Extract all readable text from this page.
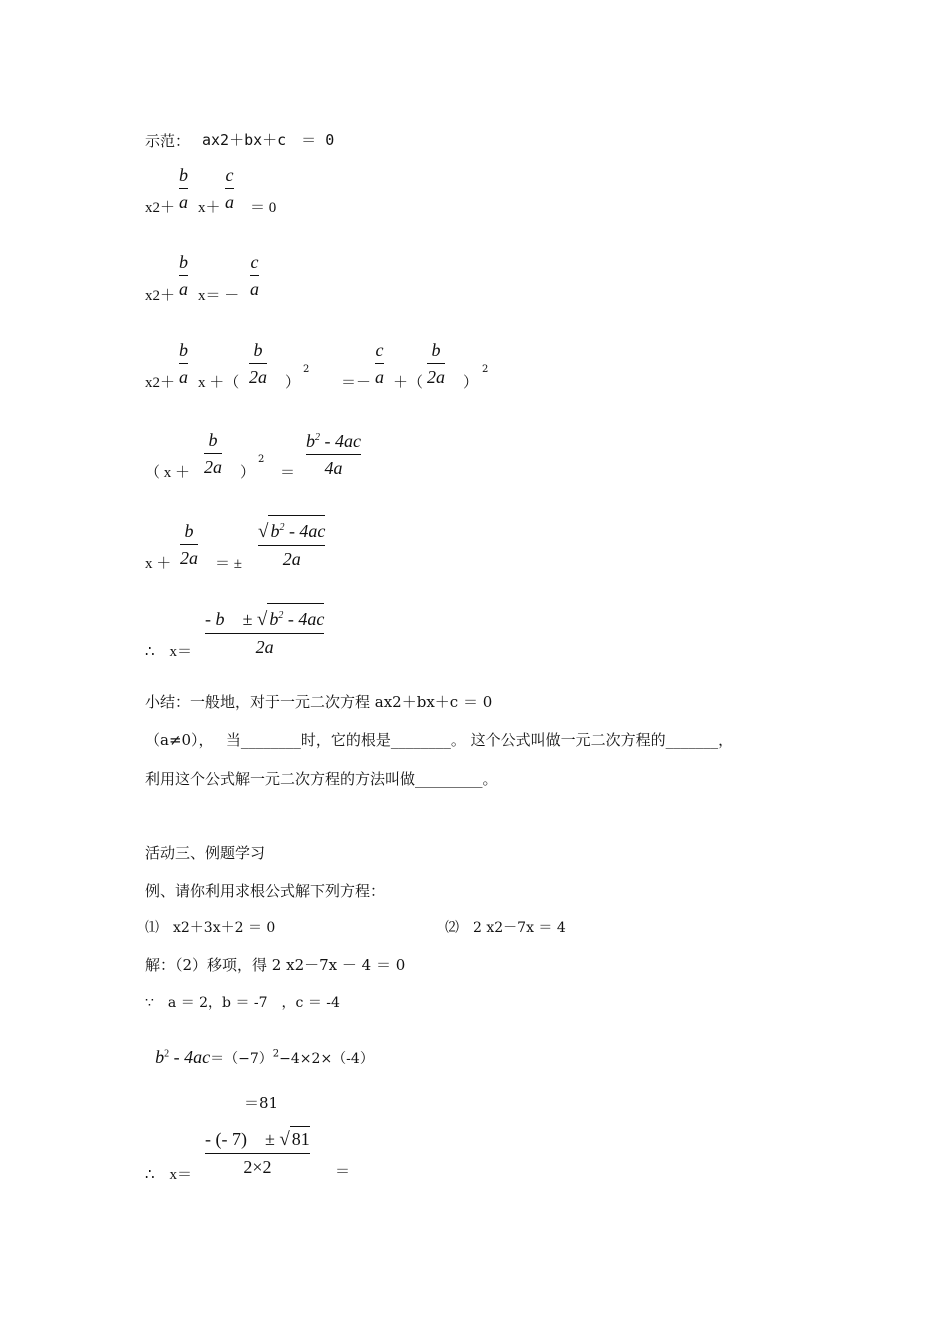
示范： ax2＋bx＋c　＝ 0
x2＋
b
a x＋
c
a ＝ 0
x2＋
b
a x＝ －
c
a
x2＋
b
a x ＋（
b
2a ）
2
＝－
c
a ＋（
b
2a ）
2
（ x ＋
b
2a ）
2
＝
$b^2 - 4ac$
4a
x ＋
b
2a ＝ ±
√ $b^2 - 4ac$
2a
∴　x＝
- b　 ± √ $b^2 - 4ac$
2a
小结：一般地，对于一元二次方程 ax2＋bx＋c ＝ 0
（a≠0），　 当________时，它的根是________。 这个公式叫做一元二次方程的_______，
利用这个公式解一元二次方程的方法叫做_________。
活动三、例题学习
例、请你利用求根公式解下列方程：
⑴　x2＋3x＋2 ＝ 0	⑵　2 x2－7x ＝ 4
解：（2）移项，得 2 x2－7x － 4 ＝ 0
∵　a ＝ 2，b ＝ -7　，c ＝ -4

$b^2 - 4ac=(-7)^2-4\times 2\times(-4)$

＝81
∴　x＝
- (- 7)　± √ 81
2×2	＝
